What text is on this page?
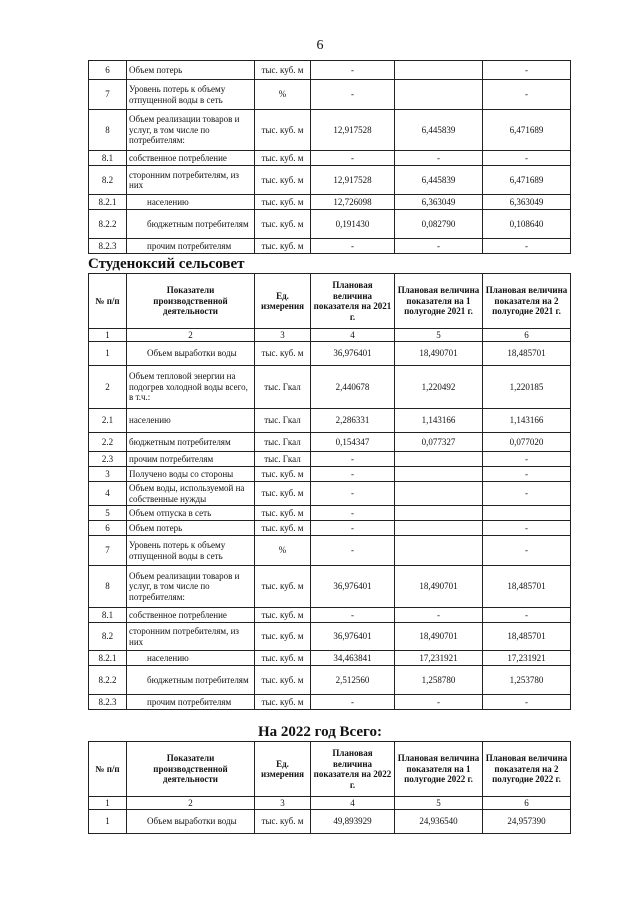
6
6	Объем потерь	тыс. куб. м	-		-
7	Уровень потерь к объему отпущенной воды в сеть	%	-		-
8	Объем реализации товаров и услуг, в том числе по потребителям:	тыс. куб. м	12,917528	6,445839	6,471689
8.1	собственное потребление	тыс. куб. м	-	-	-
8.2	сторонним потребителям, из них	тыс. куб. м	12,917528	6,445839	6,471689
8.2.1	населению	тыс. куб. м	12,726098	6,363049	6,363049
8.2.2	бюджетным потребителям	тыс. куб. м	0,191430	0,082790	0,108640
8.2.3	прочим потребителям	тыс. куб. м	-	-	-
Студеноксий сельсовет
№ п/п	Показатели производственной деятельности	Ед. измерения	Плановая величина показателя на 2021 г.	Плановая величина показателя на 1 полугодие 2021 г.	Плановая величина показателя на 2 полугодие 2021 г.
1	2	3	4	5	6
1	Объем выработки воды	тыс. куб. м	36,976401	18,490701	18,485701
2	Объем тепловой энергии на подогрев холодной воды всего, в т.ч.:	тыс. Гкал	2,440678	1,220492	1,220185
2.1	населению	тыс. Гкал	2,286331	1,143166	1,143166
2.2	бюджетным потребителям	тыс. Гкал	0,154347	0,077327	0,077020
2.3	прочим потребителям	тыс. Гкал	-		-
3	Получено воды со стороны	тыс. куб. м	-		-
4	Объем воды, используемой на собственные нужды	тыс. куб. м	-		-
5	Объем отпуска в сеть	тыс. куб. м	-		
6	Объем потерь	тыс. куб. м	-		-
7	Уровень потерь к объему отпущенной воды в сеть	%	-		-
8	Объем реализации товаров и услуг, в том числе по потребителям:	тыс. куб. м	36,976401	18,490701	18,485701
8.1	собственное потребление	тыс. куб. м	-	-	-
8.2	сторонним потребителям, из них	тыс. куб. м	36,976401	18,490701	18,485701
8.2.1	населению	тыс. куб. м	34,463841	17,231921	17,231921
8.2.2	бюджетным потребителям	тыс. куб. м	2,512560	1,258780	1,253780
8.2.3	прочим потребителям	тыс. куб. м	-	-	-
На 2022 год Всего:
№ п/п	Показатели производственной деятельности	Ед. измерения	Плановая величина показателя на 2022 г.	Плановая величина показателя на 1 полугодие 2022 г.	Плановая величина показателя на 2 полугодие 2022 г.
1	2	3	4	5	6
1	Объем выработки воды	тыс. куб. м	49,893929	24,936540	24,957390
